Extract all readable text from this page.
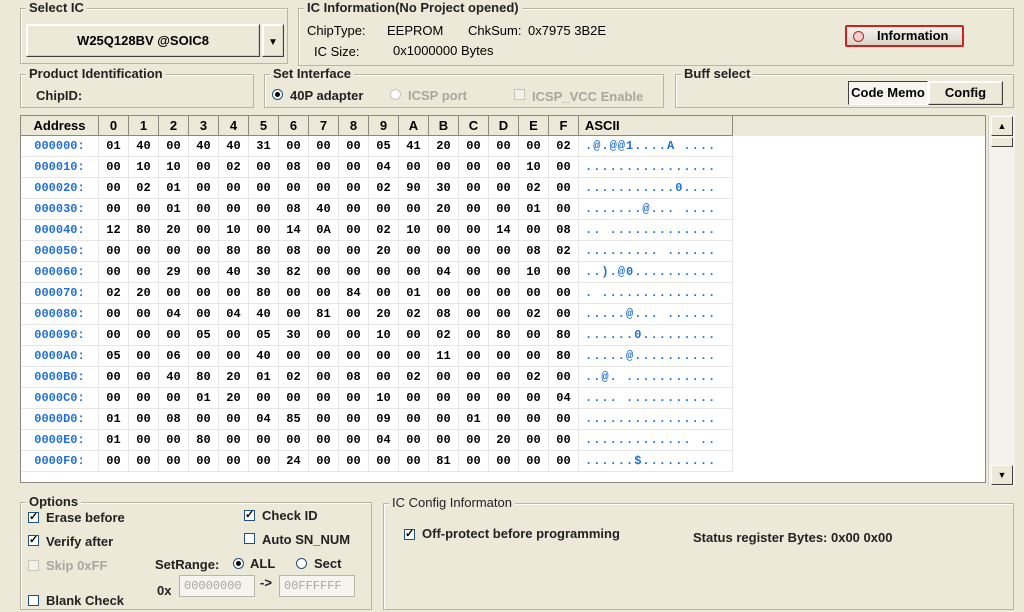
Select IC
W25Q128BV @SOIC8	▼
IC Information(No Project opened)
ChipType: EEPROM ChkSum: 0x7975 3B2E
IC Size:	0x1000000 Bytes
Information
Product Identification
ChipID:
Set Interface
40P adapter	ICSP port	ICSP_VCC Enable
Buff select
Code Memo	Config
Address	0	1	2	3	4	5	6	7	8	9	A	B	C	D	E	F	ASCII
000000:	01	40	00	40	40	31	00	00	00	05	41	20	00	00	00	02	.@.@@1....A ....
000010:	00	10	10	00	02	00	08	00	00	04	00	00	00	00	10	00	................
000020:	00	02	01	00	00	00	00	00	00	02	90	30	00	00	02	00	...........0....
000030:	00	00	01	00	00	00	08	40	00	00	00	20	00	00	01	00	.......@... ....
000040:	12	80	20	00	10	00	14	0A	00	02	10	00	00	14	00	08	.. .............
000050:	00	00	00	00	80	80	08	00	00	20	00	00	00	00	08	02	......... ......
000060:	00	00	29	00	40	30	82	00	00	00	00	04	00	00	10	00	..).@0..........
000070:	02	20	00	00	00	80	00	00	84	00	01	00	00	00	00	00	. ..............
000080:	00	00	04	00	04	40	00	81	00	20	02	08	00	00	02	00	.....@... ......
000090:	00	00	00	05	00	05	30	00	00	10	00	02	00	80	00	80	......0.........
0000A0:	05	00	06	00	00	40	00	00	00	00	00	11	00	00	00	80	.....@..........
0000B0:	00	00	40	80	20	01	02	00	08	00	02	00	00	00	02	00	..@. ...........
0000C0:	00	00	00	01	20	00	00	00	00	10	00	00	00	00	00	04	.... ...........
0000D0:	01	00	08	00	00	04	85	00	00	09	00	00	01	00	00	00	................
0000E0:	01	00	00	80	00	00	00	00	00	04	00	00	00	20	00	00	............. ..
0000F0:	00	00	00	00	00	00	24	00	00	00	00	81	00	00	00	00	......$.........
▲
▼
Options
✓ Erase before
✓ Verify after
Skip 0xFF
Blank Check
✓ Check ID
Auto SN_NUM
SetRange: ALL	Sect
0x	00000000	->	00FFFFFF
IC Config Informaton
✓ Off-protect before programming	Status register Bytes: 0x00 0x00
